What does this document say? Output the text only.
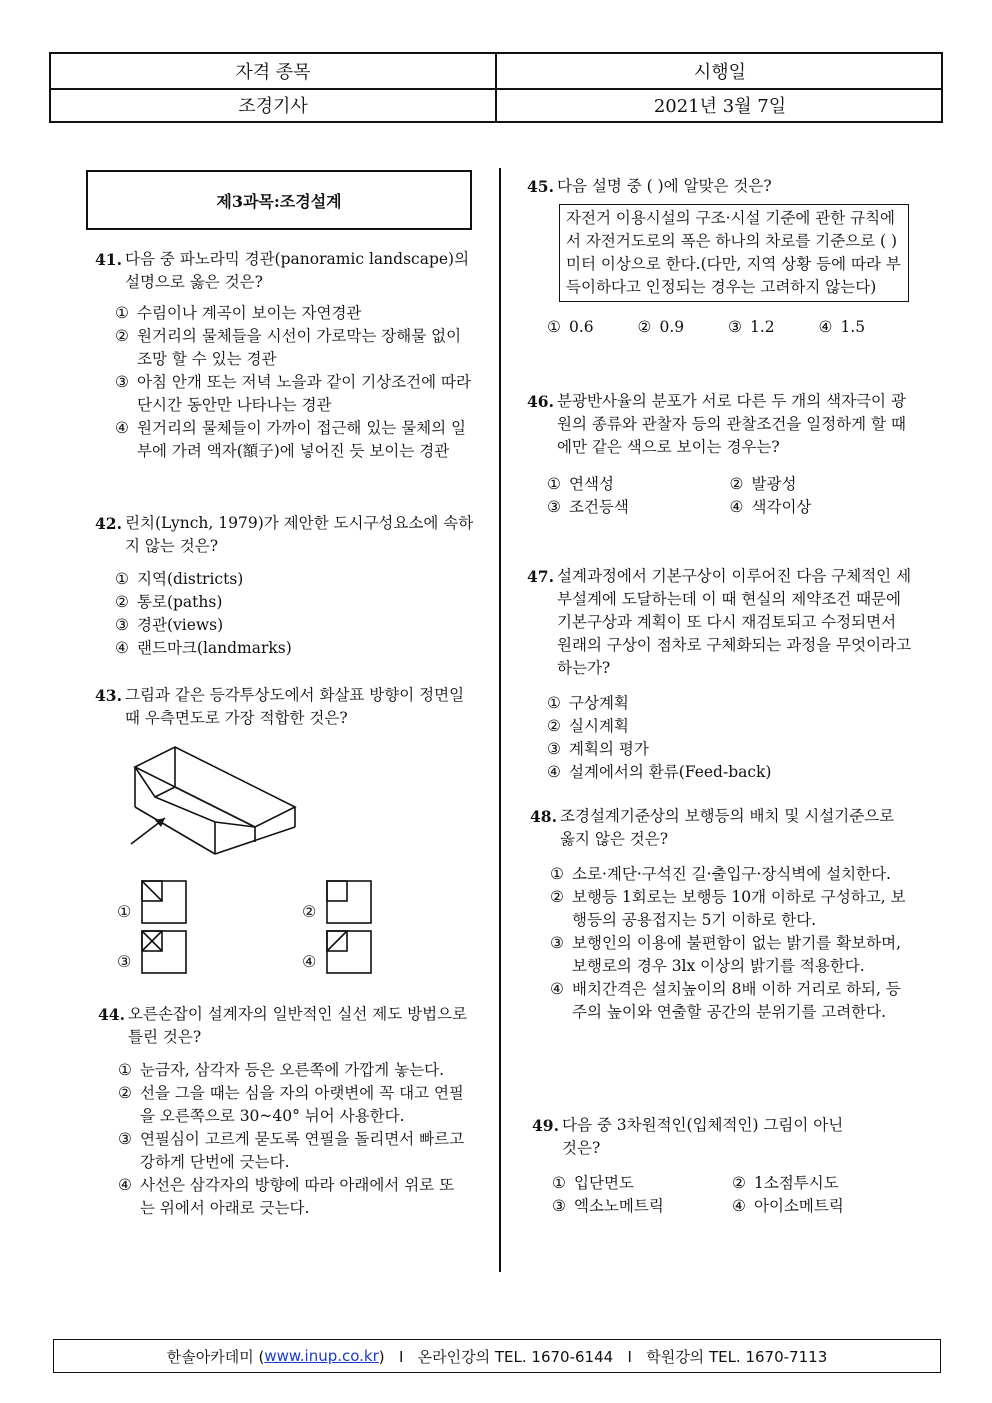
자격 종목	시행일
조경기사	2021년 3월 7일
제3과목:조경설계
41. 다음 중 파노라믹 경관(panoramic landscape)의 설명으로 옳은 것은?
① 수림이나 계곡이 보이는 자연경관
② 원거리의 물체들을 시선이 가로막는 장해물 없이 조망 할 수 있는 경관
③ 아침 안개 또는 저녁 노을과 같이 기상조건에 따라 단시간 동안만 나타나는 경관
④ 원거리의 물체들이 가까이 접근해 있는 물체의 일부에 가려 액자(額子)에 넣어진 듯 보이는 경관
42. 린치(Lynch, 1979)가 제안한 도시구성요소에 속하지 않는 것은?
① 지역(districts)
② 통로(paths)
③ 경관(views)
④ 랜드마크(landmarks)
43. 그림과 같은 등각투상도에서 화살표 방향이 정면일 때 우측면도로 가장 적합한 것은?
①	②
③	④
44. 오른손잡이 설계자의 일반적인 실선 제도 방법으로 틀린 것은?
① 눈금자, 삼각자 등은 오른쪽에 가깝게 놓는다.
② 선을 그을 때는 심을 자의 아랫변에 꼭 대고 연필을 오른쪽으로 30~40° 뉘어 사용한다.
③ 연필심이 고르게 묻도록 연필을 돌리면서 빠르고 강하게 단번에 긋는다.
④ 사선은 삼각자의 방향에 따라 아래에서 위로 또는 위에서 아래로 긋는다.
45. 다음 설명 중 ( )에 알맞은 것은?
자전거 이용시설의 구조·시설 기준에 관한 규칙에서 자전거도로의 폭은 하나의 차로를 기준으로 ( )미터 이상으로 한다.(다만, 지역 상황 등에 따라 부득이하다고 인정되는 경우는 고려하지 않는다)
① 0.6	② 0.9	③ 1.2	④ 1.5
46. 분광반사율의 분포가 서로 다른 두 개의 색자극이 광원의 종류와 관찰자 등의 관찰조건을 일정하게 할 때에만 같은 색으로 보이는 경우는?
① 연색성	② 발광성
③ 조건등색	④ 색각이상
47. 설계과정에서 기본구상이 이루어진 다음 구체적인 세부설계에 도달하는데 이 때 현실의 제약조건 때문에 기본구상과 계획이 또 다시 재검토되고 수정되면서 원래의 구상이 점차로 구체화되는 과정을 무엇이라고 하는가?
① 구상계획
② 실시계획
③ 계획의 평가
④ 설계에서의 환류(Feed-back)
48. 조경설계기준상의 보행등의 배치 및 시설기준으로 옳지 않은 것은?
① 소로·계단·구석진 길·출입구·장식벽에 설치한다.
② 보행등 1회로는 보행등 10개 이하로 구성하고, 보행등의 공용접지는 5기 이하로 한다.
③ 보행인의 이용에 불편함이 없는 밝기를 확보하며, 보행로의 경우 3lx 이상의 밝기를 적용한다.
④ 배치간격은 설치높이의 8배 이하 거리로 하되, 등주의 높이와 연출할 공간의 분위기를 고려한다.
49. 다음 중 3차원적인(입체적인) 그림이 아닌 것은?
① 입단면도	② 1소점투시도
③ 엑소노메트릭	④ 아이소메트릭
한솔아카데미 ( www.inup.co.kr )   I   온라인강의 TEL. 1670-6144   I   학원강의 TEL. 1670-7113
